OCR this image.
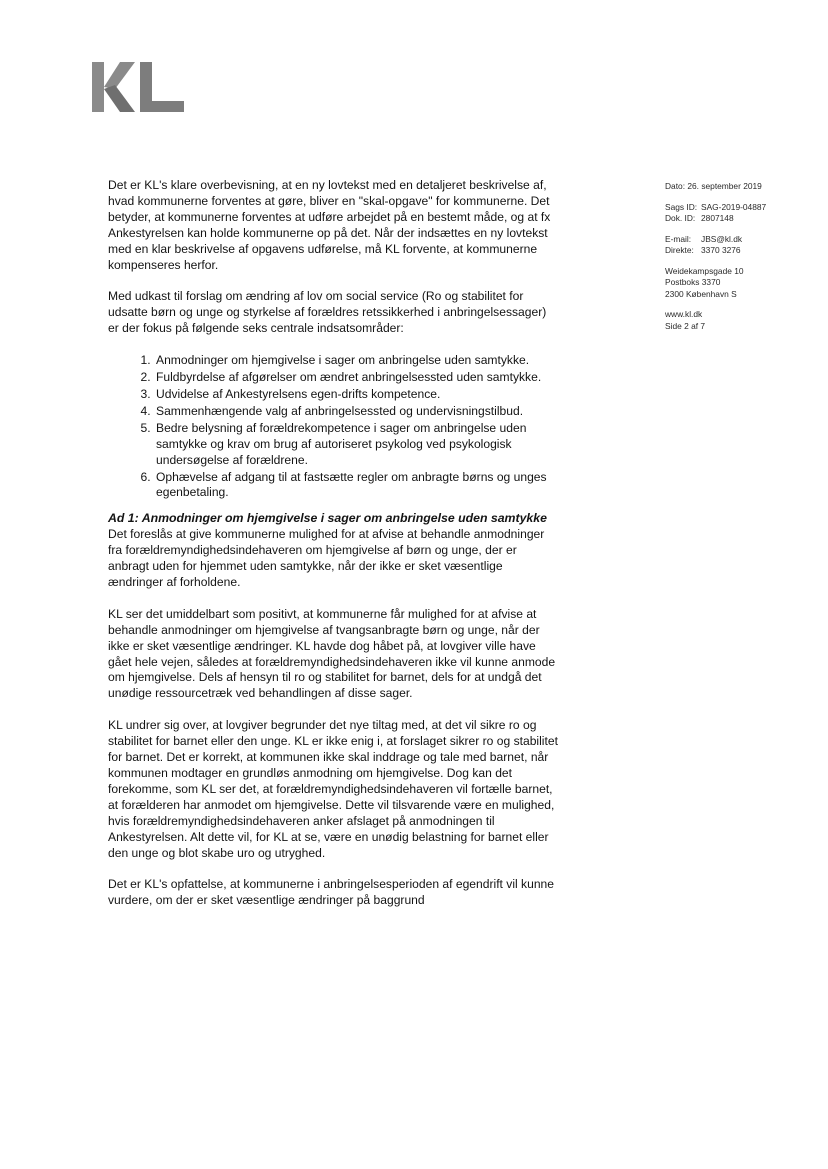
Dato: 26. september 2019
Sags ID: SAG-2019-04887
Dok. ID: 2807148
E-mail:	JBS@kl.dk
Direkte: 3370 3276
Weidekampsgade 10
Postboks 3370
2300 København S
www.kl.dk
Side 2 af 7

Det er KL's klare overbevisning, at en ny lovtekst med en detaljeret beskrivelse af, hvad kommunerne forventes at gøre, bliver en "skal-opgave" for kommunerne. Det betyder, at kommunerne forventes at udføre arbejdet på en bestemt måde, og at fx Ankestyrelsen kan holde kommunerne op på det. Når der indsættes en ny lovtekst med en klar beskrivelse af opgavens udførelse, må KL forvente, at kommunerne kompenseres herfor.

Med udkast til forslag om ændring af lov om social service (Ro og stabilitet for udsatte børn og unge og styrkelse af forældres retssikkerhed i anbringelsessager) er der fokus på følgende seks centrale indsatsområder:

1. Anmodninger om hjemgivelse i sager om anbringelse uden samtykke.
2. Fuldbyrdelse af afgørelser om ændret anbringelsessted uden samtykke.
3. Udvidelse af Ankestyrelsens egen-drifts kompetence.
4. Sammenhængende valg af anbringelsessted og undervisningstilbud.
5. Bedre belysning af forældrekompetence i sager om anbringelse uden samtykke og krav om brug af autoriseret psykolog ved psykologisk undersøgelse af forældrene.
6. Ophævelse af adgang til at fastsætte regler om anbragte børns og unges egenbetaling.
Ad 1: Anmodninger om hjemgivelse i sager om anbringelse uden samtykke

Det foreslås at give kommunerne mulighed for at afvise at behandle anmodninger fra forældremyndighedsindehaveren om hjemgivelse af børn og unge, der er anbragt uden for hjemmet uden samtykke, når der ikke er sket væsentlige ændringer af forholdene.

KL ser det umiddelbart som positivt, at kommunerne får mulighed for at afvise at behandle anmodninger om hjemgivelse af tvangsanbragte børn og unge, når der ikke er sket væsentlige ændringer. KL havde dog håbet på, at lovgiver ville have gået hele vejen, således at forældremyndighedsindehaveren ikke vil kunne anmode om hjemgivelse. Dels af hensyn til ro og stabilitet for barnet, dels for at undgå det unødige ressourcetræk ved behandlingen af disse sager.

KL undrer sig over, at lovgiver begrunder det nye tiltag med, at det vil sikre ro og stabilitet for barnet eller den unge. KL er ikke enig i, at forslaget sikrer ro og stabilitet for barnet. Det er korrekt, at kommunen ikke skal inddrage og tale med barnet, når kommunen modtager en grundløs anmodning om hjemgivelse. Dog kan det forekomme, som KL ser det, at forældremyndighedsindehaveren vil fortælle barnet, at forælderen har anmodet om hjemgivelse. Dette vil tilsvarende være en mulighed, hvis forældremyndighedsindehaveren anker afslaget på anmodningen til Ankestyrelsen. Alt dette vil, for KL at se, være en unødig belastning for barnet eller den unge og blot skabe uro og utryghed.

Det er KL's opfattelse, at kommunerne i anbringelsesperioden af egendrift vil kunne vurdere, om der er sket væsentlige ændringer på baggrund
